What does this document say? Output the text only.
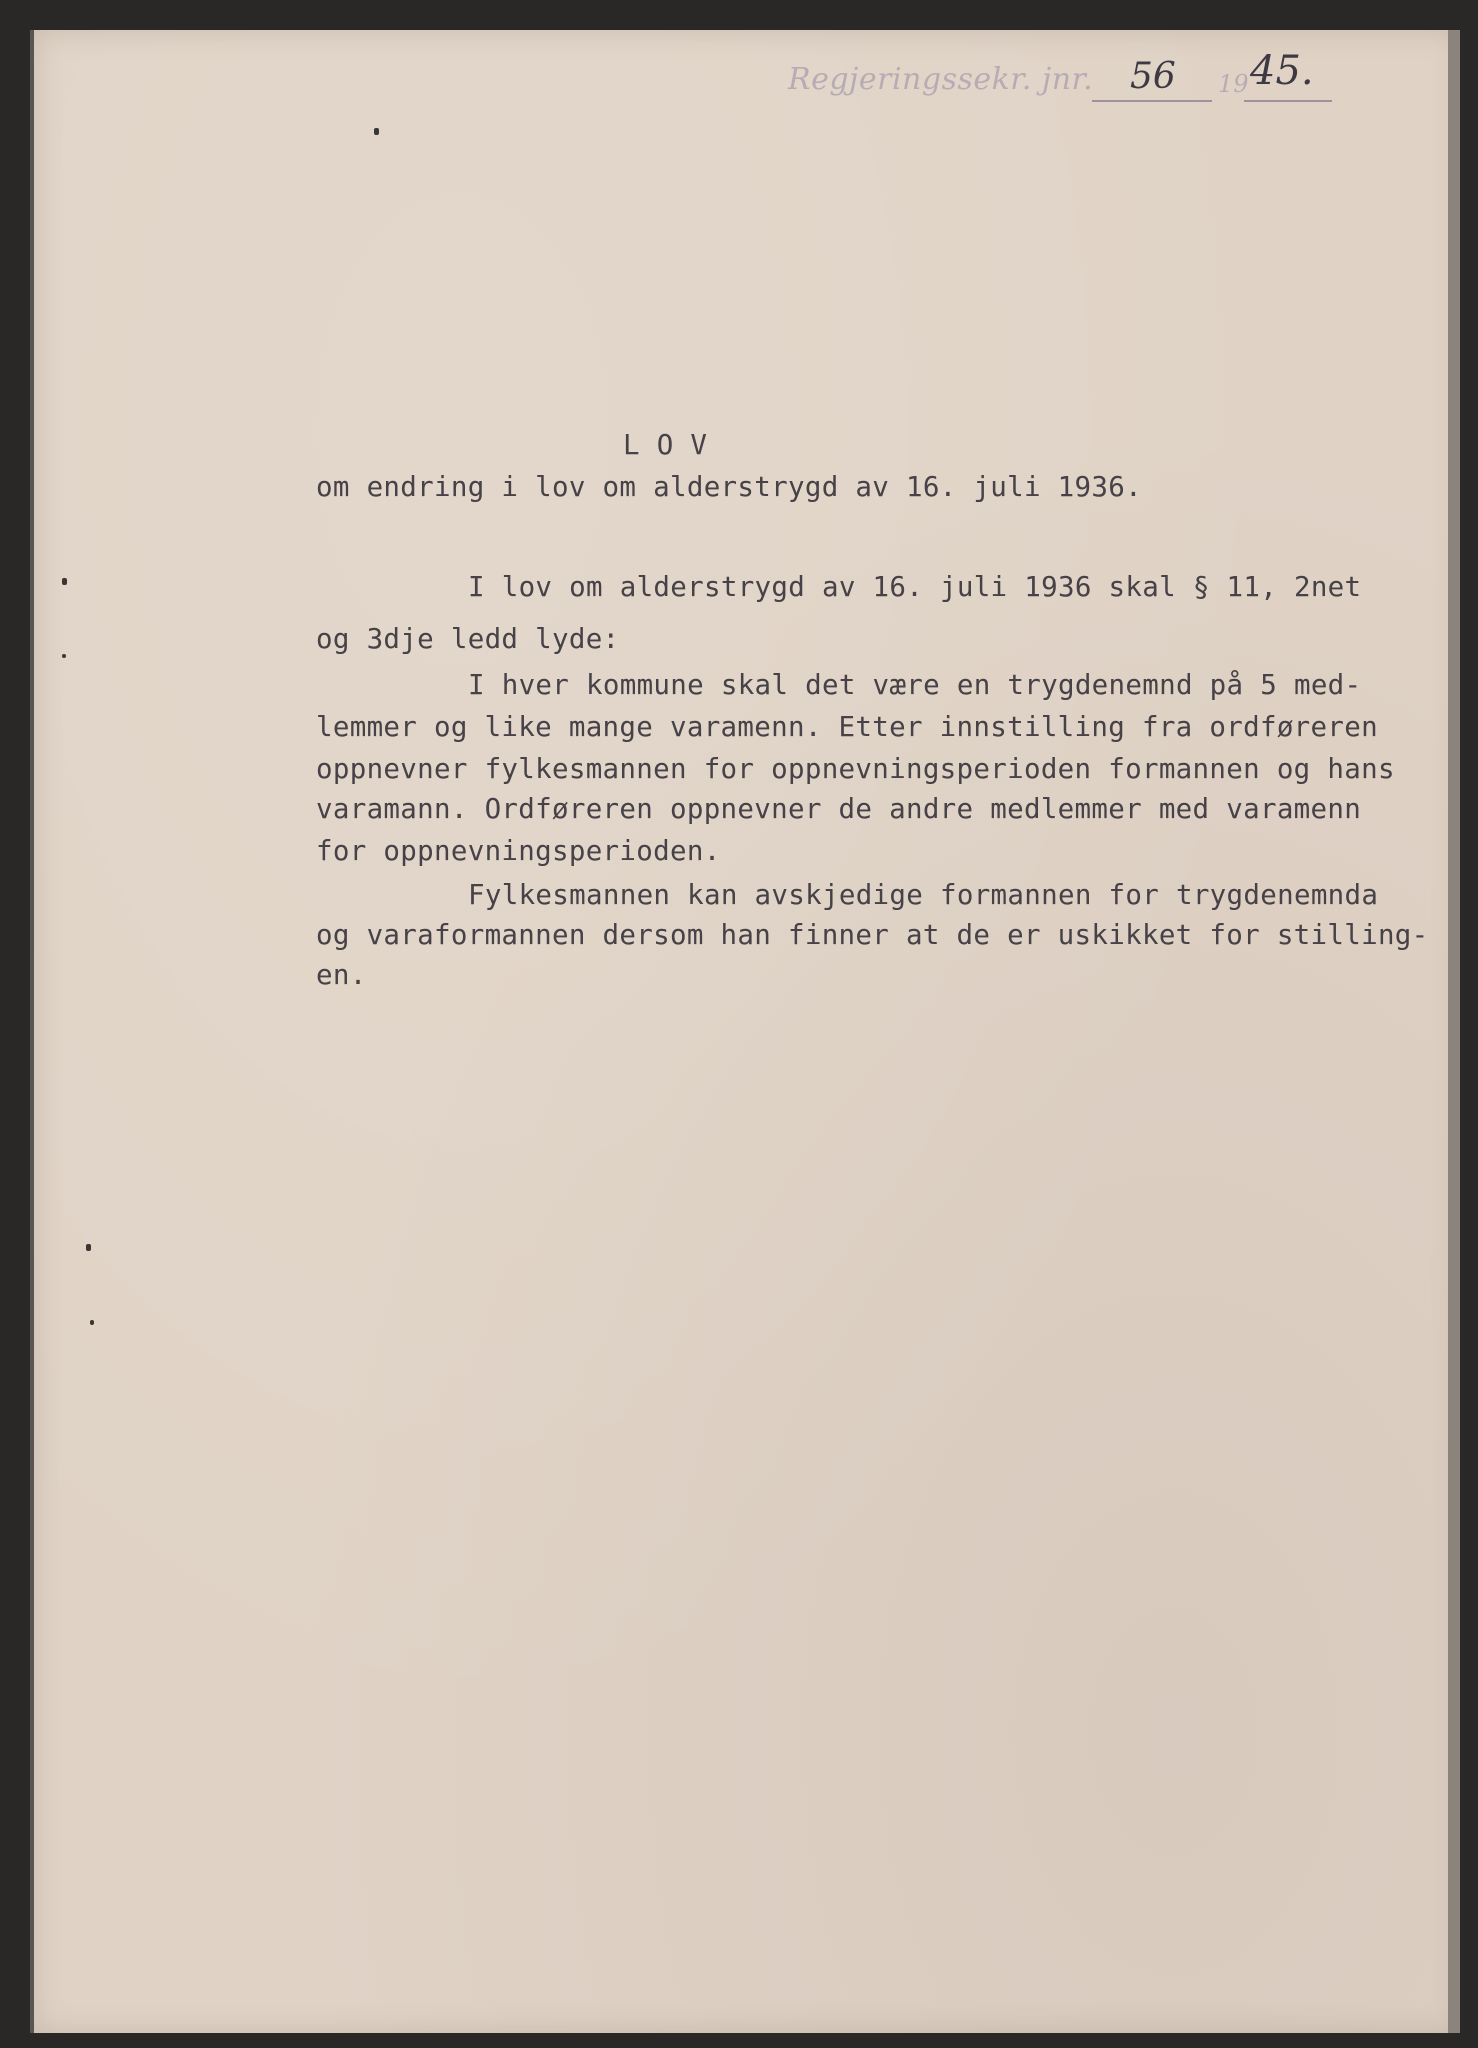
Regjeringssekr. jnr. 56 19 45.
L O V
om endring i lov om alderstrygd av 16. juli 1936.
I lov om alderstrygd av 16. juli 1936 skal § 11, 2net
og 3dje ledd lyde:
I hver kommune skal det være en trygdenemnd på 5 med-
lemmer og like mange varamenn. Etter innstilling fra ordføreren
oppnevner fylkesmannen for oppnevningsperioden formannen og hans
varamann. Ordføreren oppnevner de andre medlemmer med varamenn
for oppnevningsperioden.
Fylkesmannen kan avskjedige formannen for trygdenemnda
og varaformannen dersom han finner at de er uskikket for stilling-
en.
